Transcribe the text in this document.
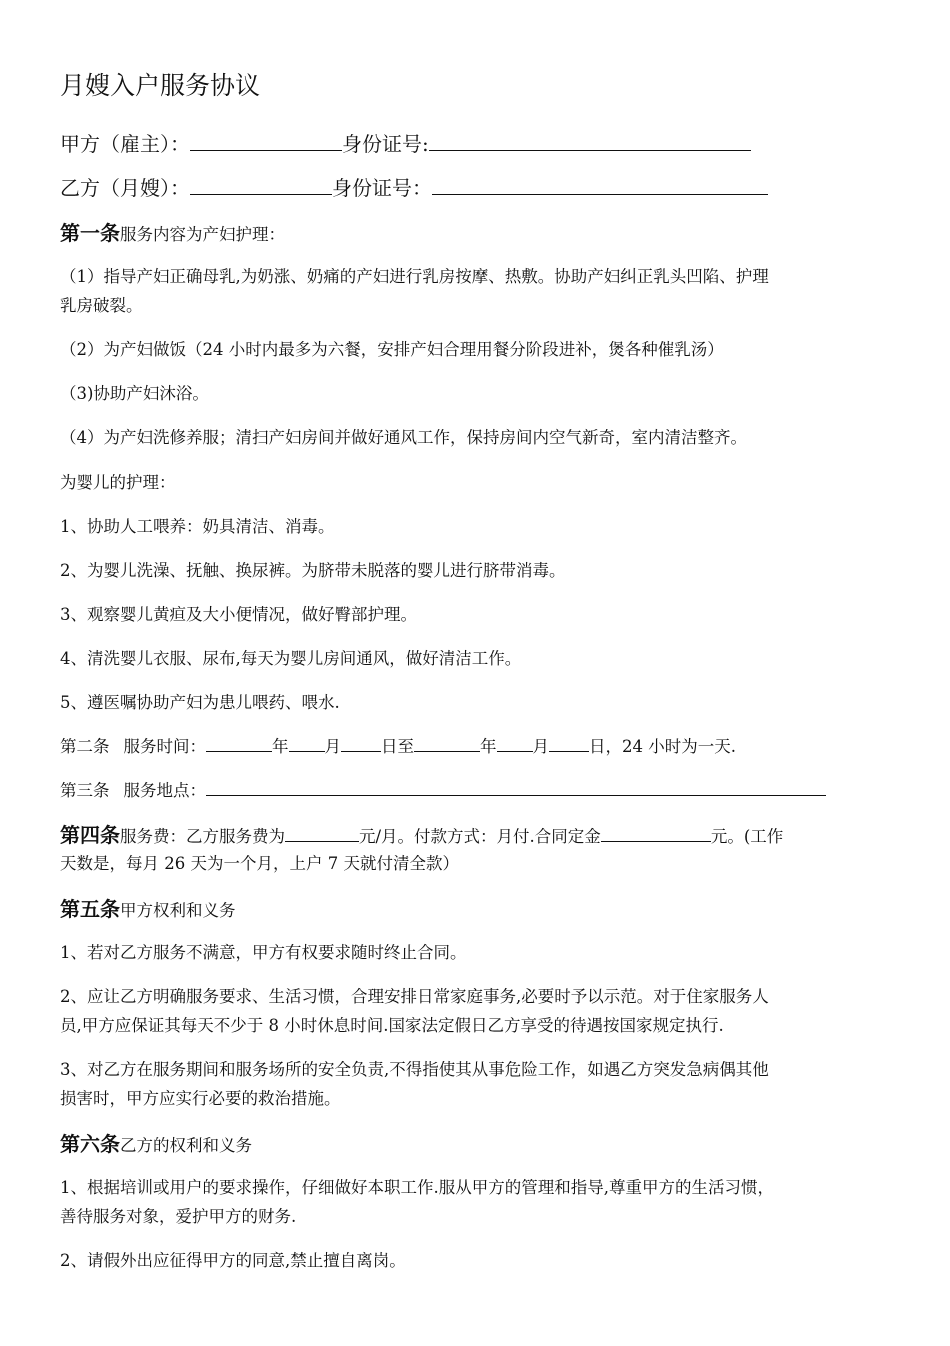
月嫂入户服务协议
甲方（雇主）：	身份证号:
乙方（月嫂）：	身份证号：
第一条服务内容为产妇护理：
（1）指导产妇正确母乳,为奶涨、奶痛的产妇进行乳房按摩、热敷。协助产妇纠正乳头凹陷、护理
乳房破裂。
（2）为产妇做饭（24 小时内最多为六餐，安排产妇合理用餐分阶段进补，煲各种催乳汤）
（3)协助产妇沐浴。
（4）为产妇洗修养服；清扫产妇房间并做好通风工作，保持房间内空气新奇，室内清洁整齐。
为婴儿的护理：
1、协助人工喂养：奶具清洁、消毒。
2、为婴儿洗澡、抚触、换尿裤。为脐带未脱落的婴儿进行脐带消毒。
3、观察婴儿黄疸及大小便情况，做好臀部护理。
4、清洗婴儿衣服、尿布,每天为婴儿房间通风，做好清洁工作。
5、遵医嘱协助产妇为患儿喂药、喂水.
第二条 服务时间：	年 月 日至	年 月 日，24 小时为一天.
第三条 服务地点：
第四条服务费：乙方服务费为	元/月。付款方式：月付.合同定金	元。(工作
天数是，每月 26 天为一个月，上户 7 天就付清全款）
第五条甲方权利和义务
1、若对乙方服务不满意，甲方有权要求随时终止合同。
2、应让乙方明确服务要求、生活习惯，合理安排日常家庭事务,必要时予以示范。对于住家服务人
员,甲方应保证其每天不少于 8 小时休息时间.国家法定假日乙方享受的待遇按国家规定执行.
3、对乙方在服务期间和服务场所的安全负责,不得指使其从事危险工作，如遇乙方突发急病偶其他
损害时，甲方应实行必要的救治措施。
第六条乙方的权利和义务
1、根据培训或用户的要求操作，仔细做好本职工作.服从甲方的管理和指导,尊重甲方的生活习惯，
善待服务对象，爱护甲方的财务.
2、请假外出应征得甲方的同意,禁止擅自离岗。
